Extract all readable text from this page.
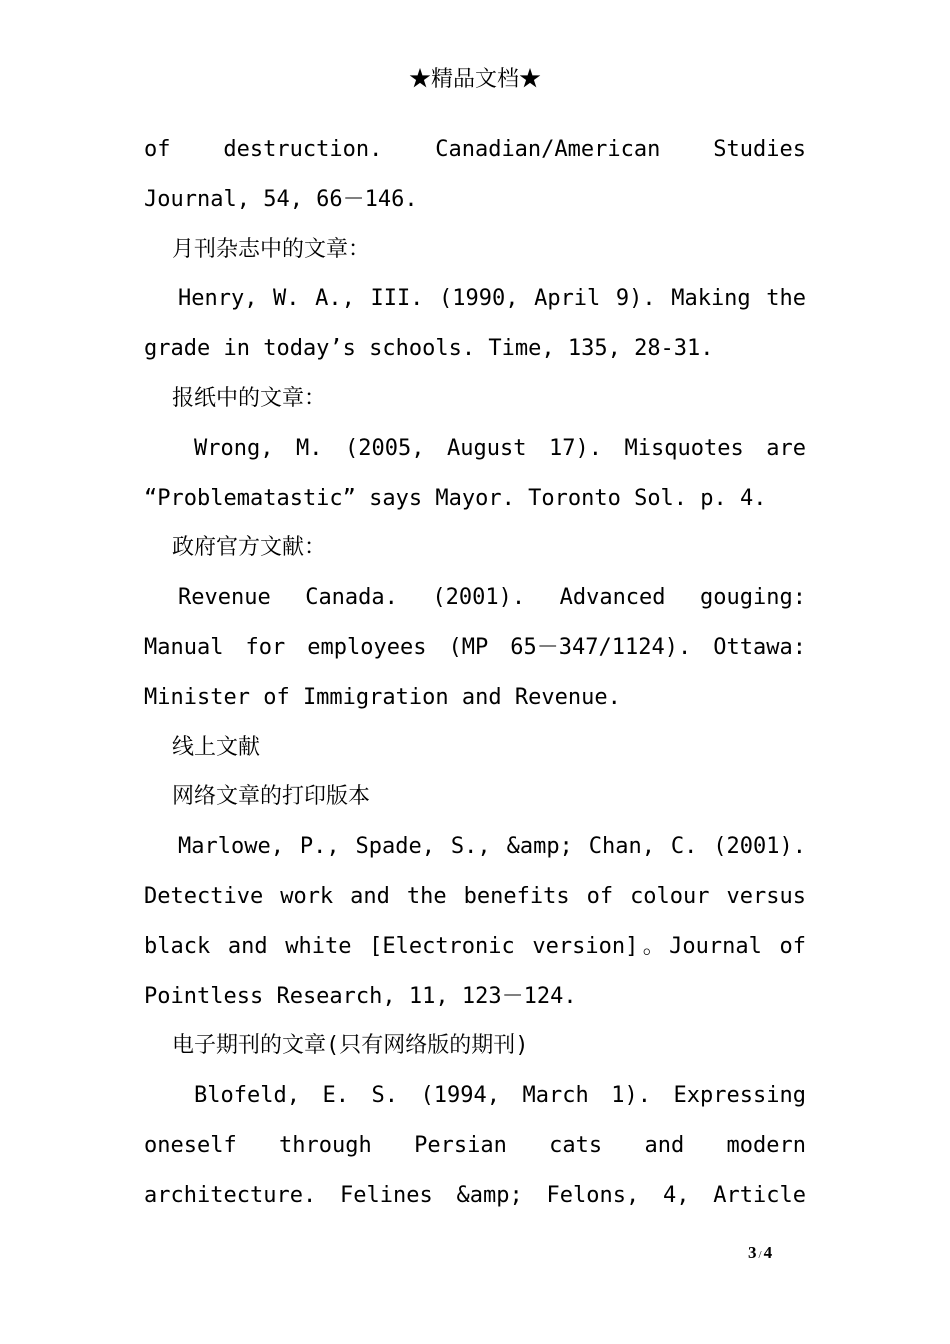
★精品文档★

of destruction. Canadian/American Studies Journal, 54, 66－146.

月刊杂志中的文章：

Henry, W. A., III. (1990, April 9). Making the grade in today’s schools. Time, 135, 28-31.

报纸中的文章：

Wrong, M. (2005, August 17). Misquotes are “Problematastic” says Mayor. Toronto Sol. p. 4.

政府官方文献：

Revenue Canada. (2001). Advanced gouging: Manual for employees (MP 65－347/1124). Ottawa: Minister of Immigration and Revenue.

线上文献

网络文章的打印版本

Marlowe, P., Spade, S., &amp; Chan, C. (2001). Detective work and the benefits of colour versus black and white [Electronic version]。Journal of Pointless Research, 11, 123－124.

电子期刊的文章(只有网络版的期刊)

Blofeld, E. S. (1994, March 1). Expressing oneself through Persian cats and modern architecture. Felines &amp; Felons, 4, Article

3 / 4
